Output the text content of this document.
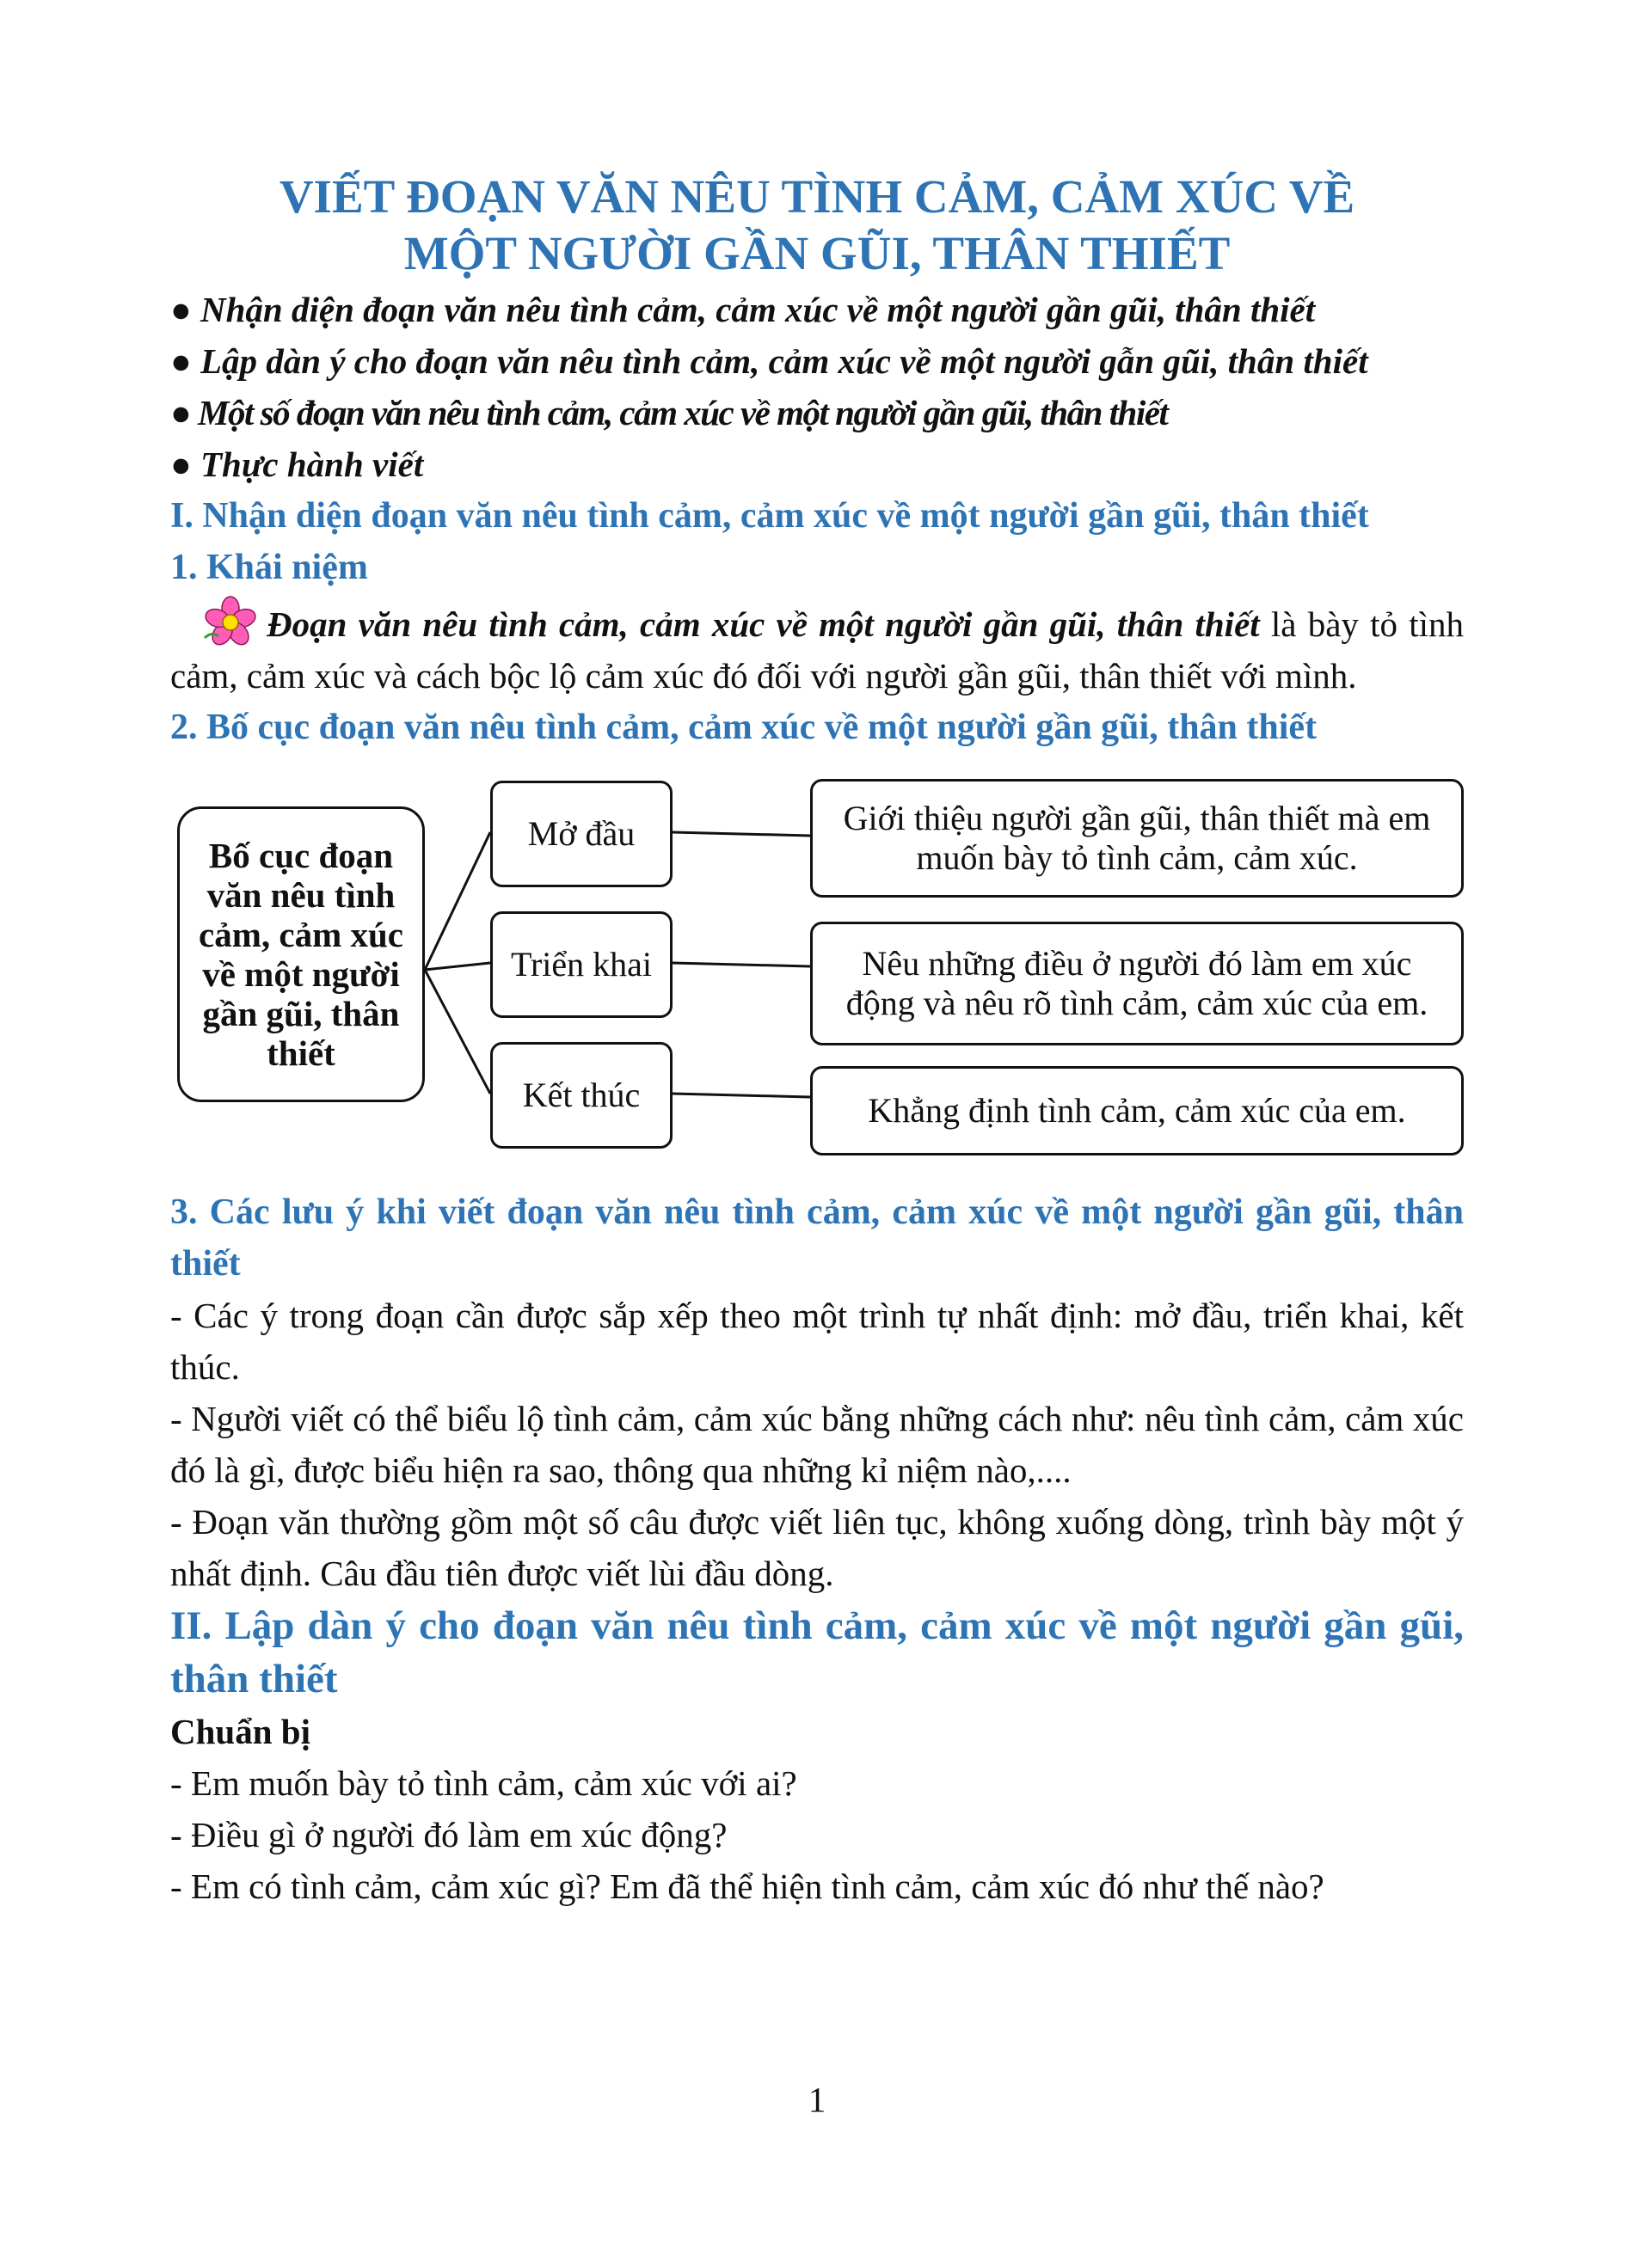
VIẾT ĐOẠN VĂN NÊU TÌNH CẢM, CẢM XÚC VỀ MỘT NGƯỜI GẦN GŨI, THÂN THIẾT

● Nhận diện đoạn văn nêu tình cảm, cảm xúc về một người gần gũi, thân thiết

● Lập dàn ý cho đoạn văn nêu tình cảm, cảm xúc về một người gẫn gũi, thân thiết

● Một số đoạn văn nêu tình cảm, cảm xúc về một người gần gũi, thân thiết

● Thực hành viết

I. Nhận diện đoạn văn nêu tình cảm, cảm xúc về một người gần gũi, thân thiết

1. Khái niệm

Đoạn văn nêu tình cảm, cảm xúc về một người gần gũi, thân thiết là bày tỏ tình cảm, cảm xúc và cách bộc lộ cảm xúc đó đối với người gần gũi, thân thiết với mình.

2. Bố cục đoạn văn nêu tình cảm, cảm xúc về một người gần gũi, thân thiết

Bố cục đoạn văn nêu tình cảm, cảm xúc về một người gần gũi, thân thiết
Mở đầu
Triển khai
Kết thúc
Giới thiệu người gần gũi, thân thiết mà em muốn bày tỏ tình cảm, cảm xúc.
Nêu những điều ở người đó làm em xúc động và nêu rõ tình cảm, cảm xúc của em.
Khẳng định tình cảm, cảm xúc của em.

3. Các lưu ý khi viết đoạn văn nêu tình cảm, cảm xúc về một người gần gũi, thân thiết

- Các ý trong đoạn cần được sắp xếp theo một trình tự nhất định: mở đầu, triển khai, kết thúc.

- Người viết có thể biểu lộ tình cảm, cảm xúc bằng những cách như: nêu tình cảm, cảm xúc đó là gì, được biểu hiện ra sao, thông qua những kỉ niệm nào,....

- Đoạn văn thường gồm một số câu được viết liên tục, không xuống dòng, trình bày một ý nhất định. Câu đầu tiên được viết lùi đầu dòng.

II. Lập dàn ý cho đoạn văn nêu tình cảm, cảm xúc về một người gần gũi, thân thiết

Chuẩn bị

- Em muốn bày tỏ tình cảm, cảm xúc với ai?

- Điều gì ở người đó làm em xúc động?

- Em có tình cảm, cảm xúc gì? Em đã thể hiện tình cảm, cảm xúc đó như thế nào?

1
